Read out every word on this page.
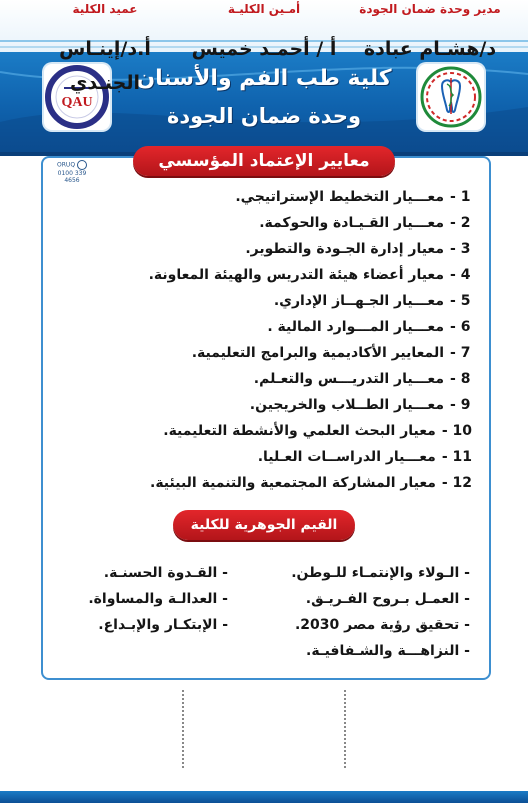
QAU
كلية طب الفم والأسنان
وحدة ضمان الجودة
ORUQ
0100 339 4656
معايير الإعتماد المؤسسي
1 -
معـــيار التخطيط الإستراتيجي.
2 -
معـــيار القـيـادة والحوكمة.
3 -
معيار إدارة الجـودة والتطوير.
4 -
معيار أعضاء هيئة التدريس والهيئة المعاونة.
5 -
معـــيار الجـهــاز الإداري.
6 -
معـــيار المـــوارد المالية .
7 -
المعايير الأكاديمية والبرامج التعليمية.
8 -
معـــيار التدريـــس والتعـلم.
9 -
معـــيار الطــلاب والخريجين.
10 -
معيار البحث العلمي والأنشطة التعليمية.
11 -
معـــيار الدراســات العـليا.
12 -
معيار المشاركة المجتمعية والتنمية البيئية.
القيم الجوهرية للكلية
- الـولاء والإنتمـاء للـوطن.
- العمـل بـروح الفـريـق.
- تحقيق رؤية مصر 2030.
- النزاهـــة والشـفافيـة.
- القـدوة الحسنـة.
- العدالـة والمساواة.
- الإبتكـار والإبـداع.
مدير وحدة ضمان الجودة
د/هشـام عبادة
أمـين الكليـة
أ / أحمـد خميس
عميد الكلية
أ.د/إينـاس الجنـدي
